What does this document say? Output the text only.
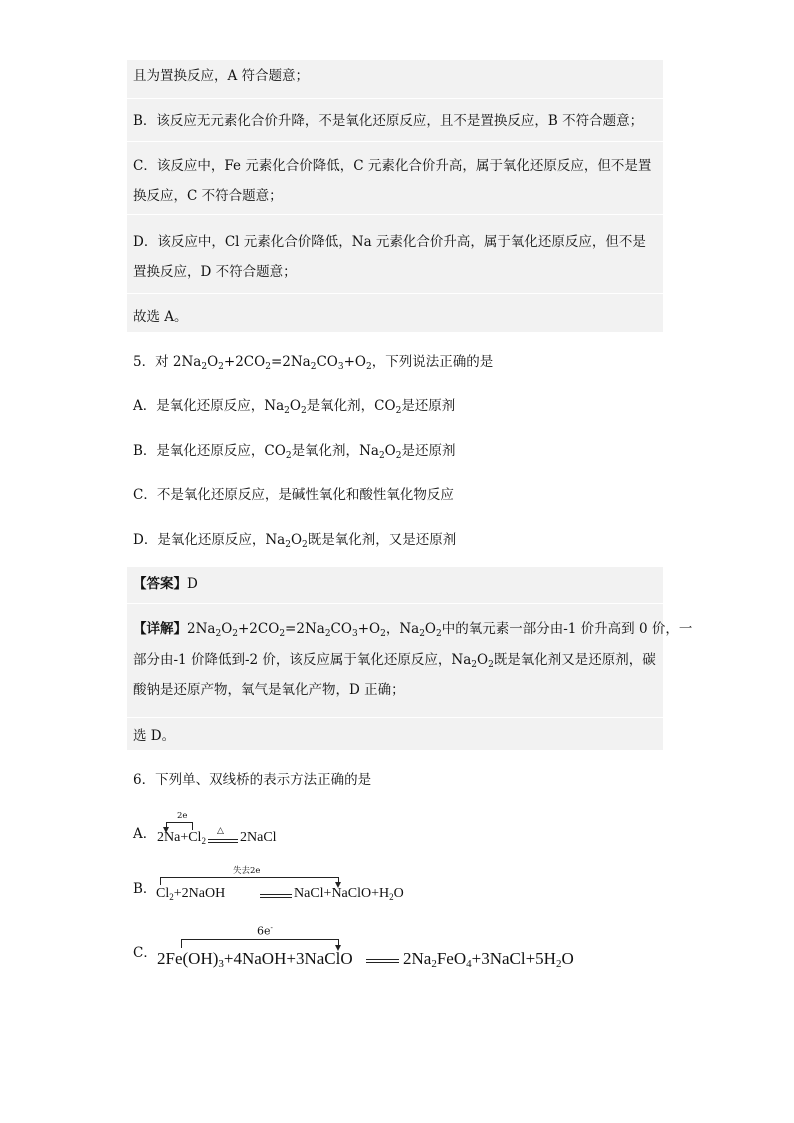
且为置换反应，A 符合题意；
B．该反应无元素化合价升降，不是氧化还原反应，且不是置换反应，B 不符合题意；
C．该反应中，Fe 元素化合价降低，C 元素化合价升高，属于氧化还原反应，但不是置
换反应，C 不符合题意；
D．该反应中，Cl 元素化合价降低，Na 元素化合价升高，属于氧化还原反应，但不是
置换反应，D 不符合题意；
故选 A。
5．对 $2Na_2O_2+2CO_2=2Na_2CO_3+O_2$，下列说法正确的是
A．是氧化还原反应，$Na_2O_2$是氧化剂，$CO_2$是还原剂
B．是氧化还原反应，$CO_2$是氧化剂，$Na_2O_2$是还原剂
C．不是氧化还原反应，是碱性氧化和酸性氧化物反应
D．是氧化还原反应，$Na_2O_2$既是氧化剂，又是还原剂
【答案】D
【详解】$2Na_2O_2+2CO_2=2Na_2CO_3+O_2$，$Na_2O_2$中的氧元素一部分由-1 价升高到 0 价，一
部分由-1 价降低到-2 价，该反应属于氧化还原反应，$Na_2O_2$既是氧化剂又是还原剂，碳
酸钠是还原产物，氧气是氧化产物，D 正确；
选 D。
6．下列单、双线桥的表示方法正确的是
A．
2e
$2Na+Cl_2$
△ 2NaCl
B．
失去2e
$Cl_2+2NaOH$	$NaCl+NaClO+H_2O$
C．
6e-
$2Fe(OH)_3+4NaOH+3NaClO$	$2Na_2FeO_4+3NaCl+5H_2O$
